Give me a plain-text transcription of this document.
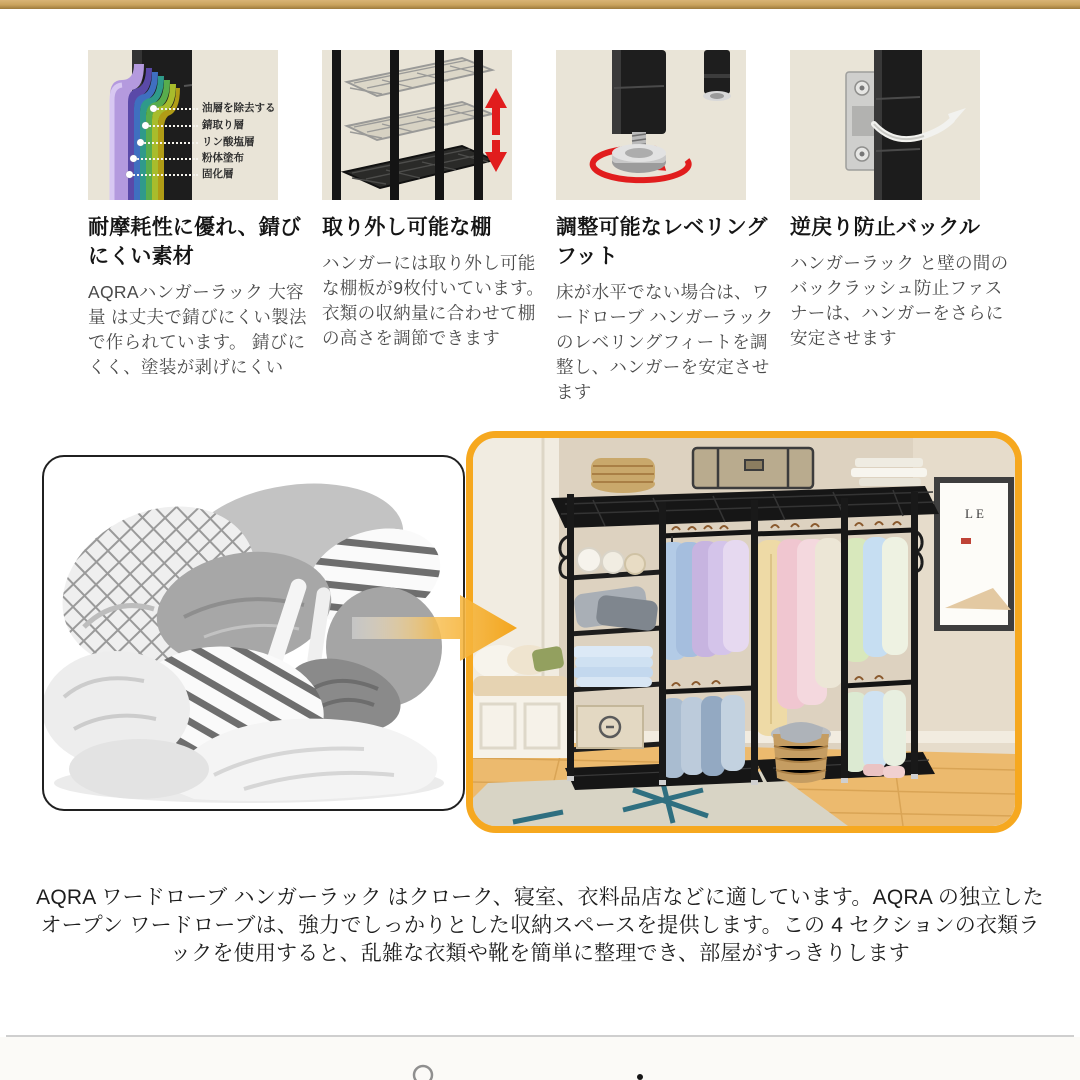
油層を除去する
錆取り層
リン酸塩層
粉体塗布
固化層
耐摩耗性に優れ、錆びにくい素材

AQRAハンガーラック 大容量 は丈夫で錆びにくい製法で作られています。 錆びにくく、塗装が剥げにくい

取り外し可能な棚

ハンガーには取り外し可能な棚板が9枚付いています。衣類の収納量に合わせて棚の高さを調節できます

調整可能なレベリングフット

床が水平でない場合は、ワードローブ ハンガーラックのレベリングフィートを調整し、ハンガーを安定させます

逆戻り防止バックル

ハンガーラック と壁の間のバックラッシュ防止ファスナーは、ハンガーをさらに安定させます

LE
AQRA ワードローブ ハンガーラック はクローク、寝室、衣料品店などに適しています。AQRA の独立した
オープン ワードローブは、強力でしっかりとした収納スペースを提供します。この 4 セクションの衣類ラ
ックを使用すると、乱雑な衣類や靴を簡単に整理でき、部屋がすっきりします
